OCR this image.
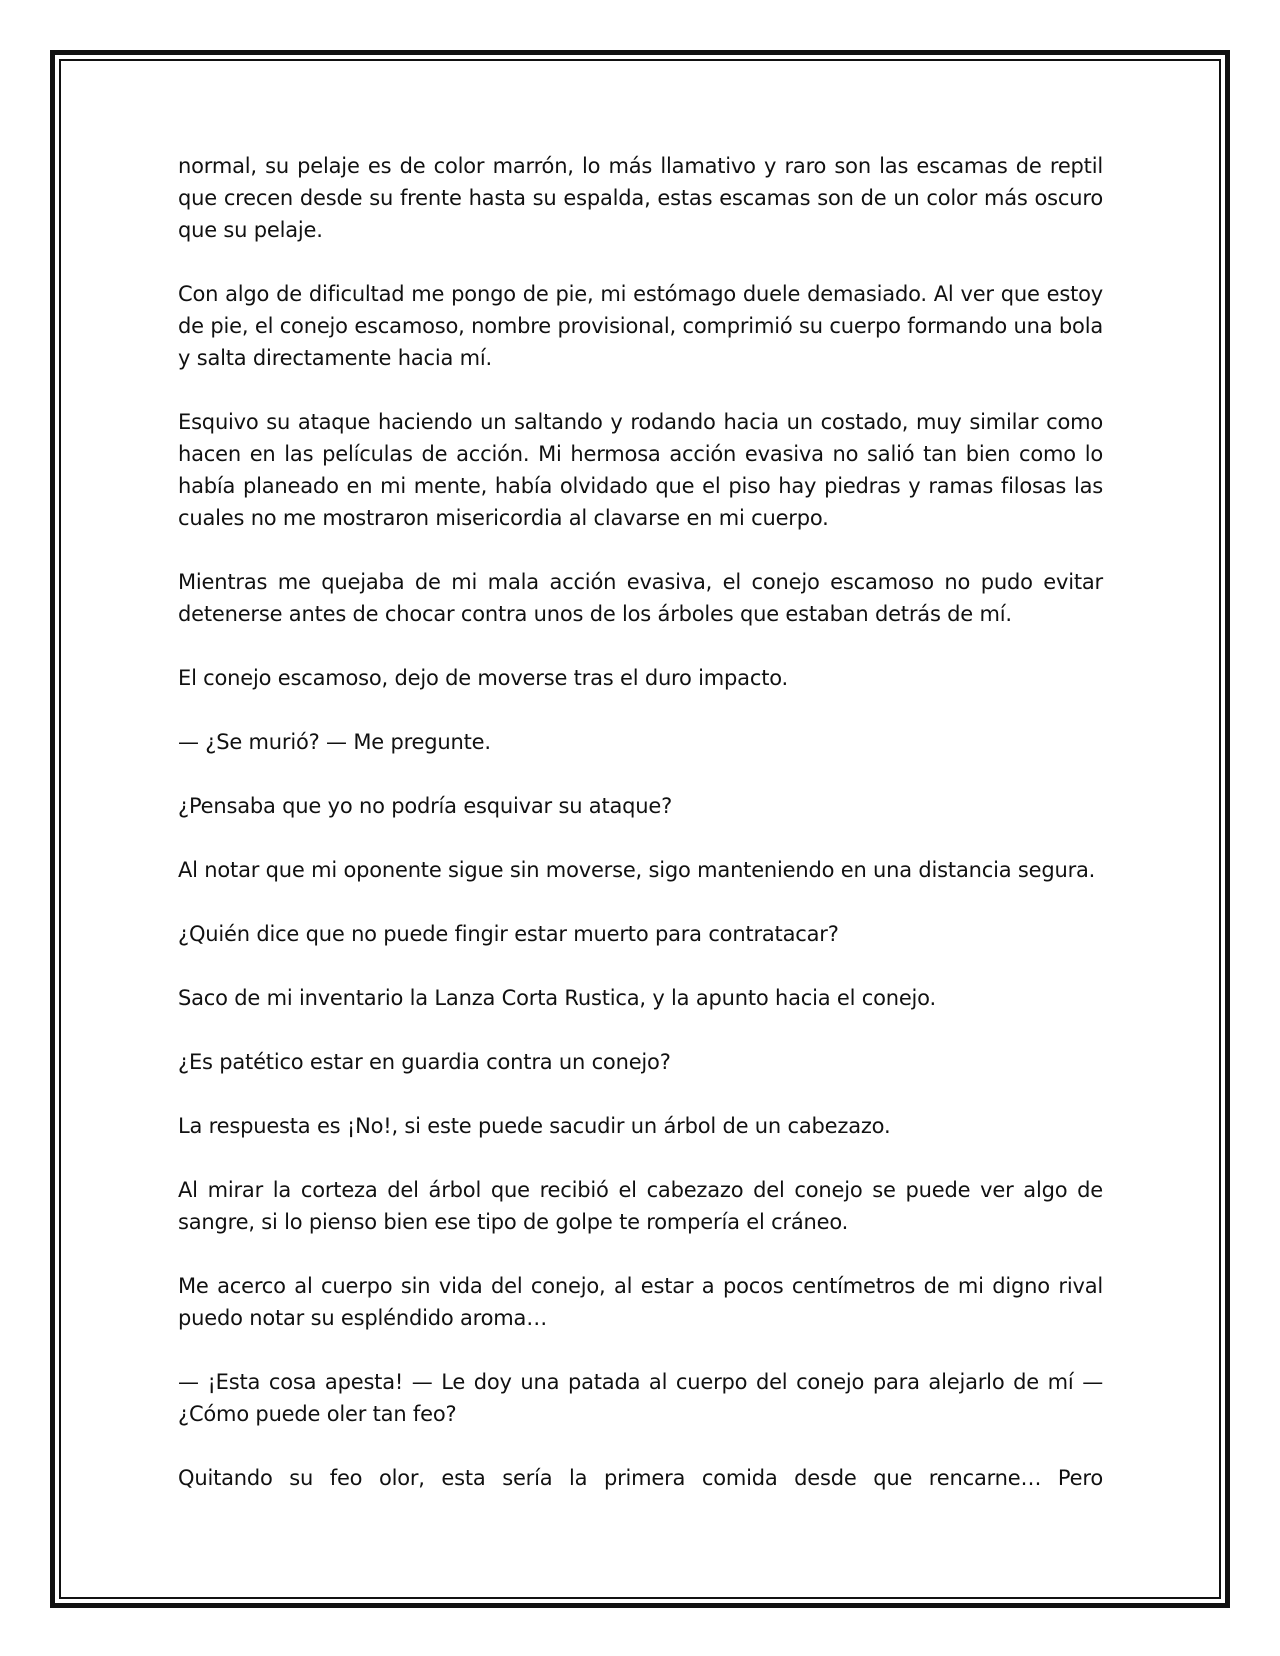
normal, su pelaje es de color marrón, lo más llamativo y raro son las escamas de reptil que crecen desde su frente hasta su espalda, estas escamas son de un color más oscuro que su pelaje.

Con algo de dificultad me pongo de pie, mi estómago duele demasiado. Al ver que estoy de pie, el conejo escamoso, nombre provisional, comprimió su cuerpo formando una bola y salta directamente hacia mí.

Esquivo su ataque haciendo un saltando y rodando hacia un costado, muy similar como hacen en las películas de acción. Mi hermosa acción evasiva no salió tan bien como lo había planeado en mi mente, había olvidado que el piso hay piedras y ramas filosas las cuales no me mostraron misericordia al clavarse en mi cuerpo.

Mientras me quejaba de mi mala acción evasiva, el conejo escamoso no pudo evitar detenerse antes de chocar contra unos de los árboles que estaban detrás de mí.

El conejo escamoso, dejo de moverse tras el duro impacto.

— ¿Se murió? — Me pregunte.

¿Pensaba que yo no podría esquivar su ataque?

Al notar que mi oponente sigue sin moverse, sigo manteniendo en una distancia segura.

¿Quién dice que no puede fingir estar muerto para contratacar?

Saco de mi inventario la Lanza Corta Rustica, y la apunto hacia el conejo.

¿Es patético estar en guardia contra un conejo?

La respuesta es ¡No!, si este puede sacudir un árbol de un cabezazo.

Al mirar la corteza del árbol que recibió el cabezazo del conejo se puede ver algo de sangre, si lo pienso bien ese tipo de golpe te rompería el cráneo.

Me acerco al cuerpo sin vida del conejo, al estar a pocos centímetros de mi digno rival puedo notar su espléndido aroma…

— ¡Esta cosa apesta! — Le doy una patada al cuerpo del conejo para alejarlo de mí — ¿Cómo puede oler tan feo?

Quitando su feo olor, esta sería la primera comida desde que rencarne… Pero
